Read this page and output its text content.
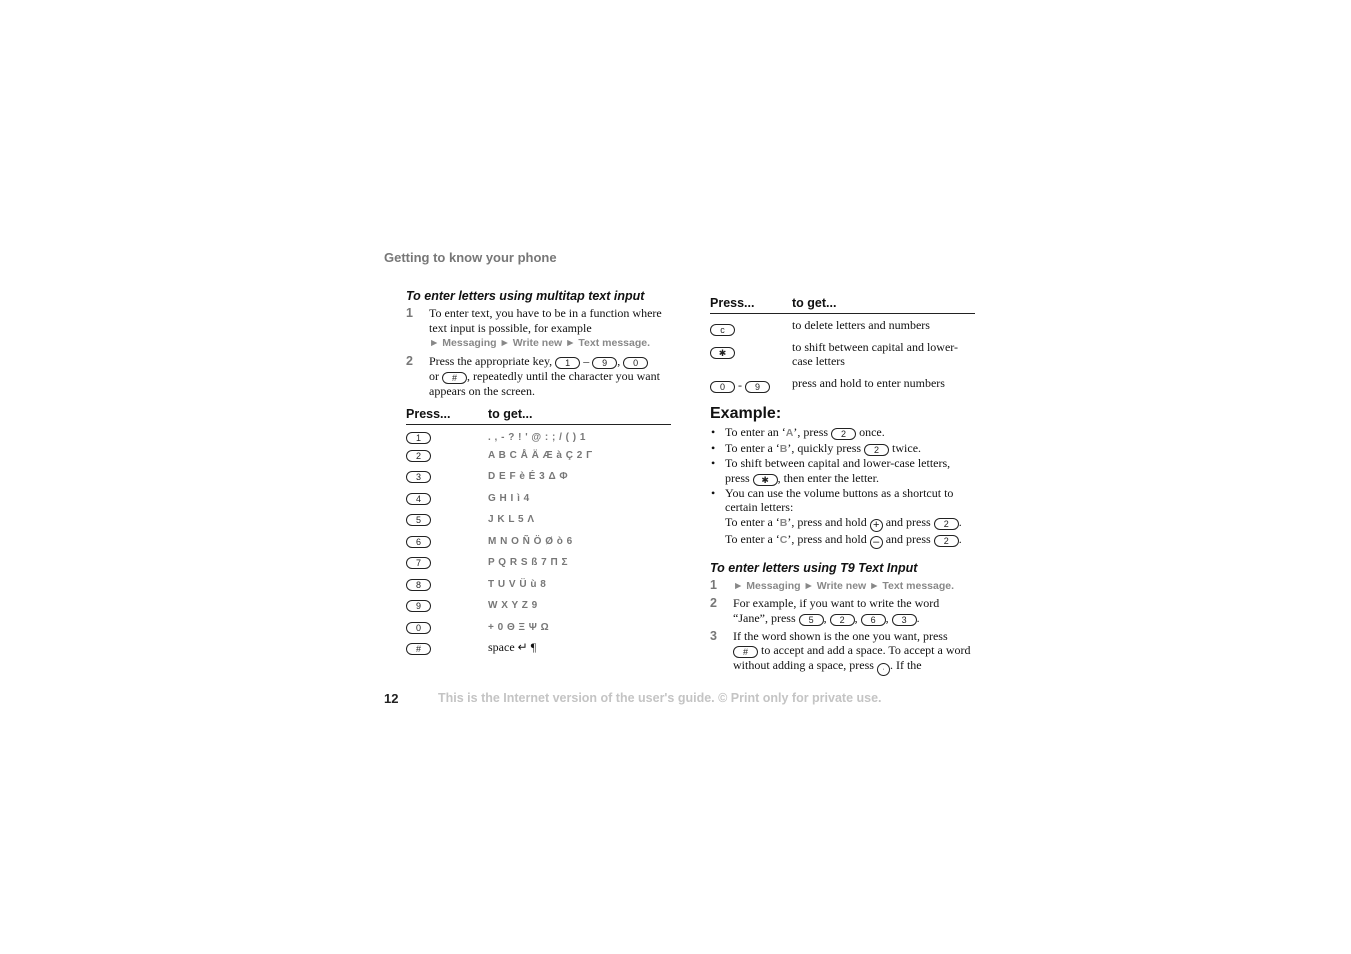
Getting to know your phone
To enter letters using multitap text input
1 To enter text, you have to be in a function where text input is possible, for example
► Messaging ► Write new ► Text message.
2 Press the appropriate key, 1 – 9 , 0
or # , repeatedly until the character you want appears on the screen.
Press...	to get...
1	. , - ? ! ' @ : ; / ( ) 1
2	A B C Å Ä Æ à Ç 2 Γ
3	D E F è É 3 Δ Φ
4	G H I ì 4
5	J K L 5 Λ
6	M N O Ñ Ö Ø ò 6
7	P Q R S ß 7 Π Σ
8	T U V Ü ù 8
9	W X Y Z 9
0	+ 0 Θ Ξ Ψ Ω
#	space ↵ ¶
Press...	to get...
c	to delete letters and numbers
✱	to shift between capital and lower-case letters
0 - 9	press and hold to enter numbers
Example:
• To enter an ‘A’, press 2 once.
• To enter a ‘B’, quickly press 2 twice.
• To shift between capital and lower-case letters, press ✱ , then enter the letter.
• You can use the volume buttons as a shortcut to certain letters:
To enter a ‘B’, press and hold + and press 2 .
To enter a ‘C’, press and hold – and press 2 .
To enter letters using T9 Text Input
1 ► Messaging ► Write new ► Text message.
2 For example, if you want to write the word “Jane”, press 5 , 2 , 6 , 3 .
3 If the word shown is the one you want, press
# to accept and add a space. To accept a word without adding a space, press · . If the
12	This is the Internet version of the user's guide. © Print only for private use.
